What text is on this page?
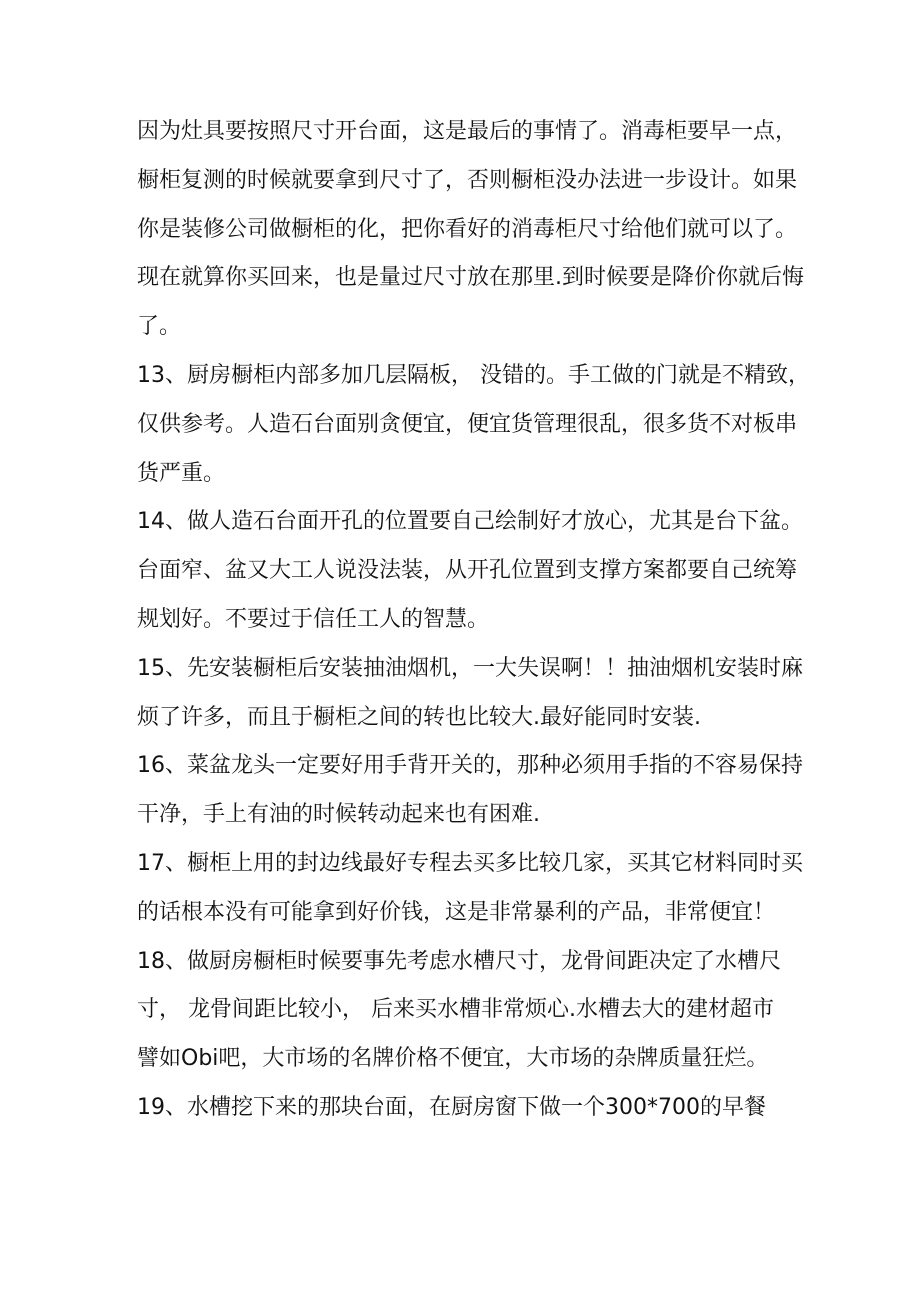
因为灶具要按照尺寸开台面，这是最后的事情了。消毒柜要早一点，
橱柜复测的时候就要拿到尺寸了，否则橱柜没办法进一步设计。如果
你是装修公司做橱柜的化，把你看好的消毒柜尺寸给他们就可以了。
现在就算你买回来，也是量过尺寸放在那里.到时候要是降价你就后悔
了。

13、厨房橱柜内部多加几层隔板， 没错的。手工做的门就是不精致，
仅供参考。人造石台面别贪便宜，便宜货管理很乱，很多货不对板串
货严重。

14、做人造石台面开孔的位置要自己绘制好才放心，尤其是台下盆。
台面窄、盆又大工人说没法装，从开孔位置到支撑方案都要自己统筹
规划好。不要过于信任工人的智慧。

15、先安装橱柜后安装抽油烟机，一大失误啊！！抽油烟机安装时麻
烦了许多，而且于橱柜之间的转也比较大.最好能同时安装.

16、菜盆龙头一定要好用手背开关的，那种必须用手指的不容易保持
干净，手上有油的时候转动起来也有困难.

17、橱柜上用的封边线最好专程去买多比较几家，买其它材料同时买
的话根本没有可能拿到好价钱，这是非常暴利的产品，非常便宜！

18、做厨房橱柜时候要事先考虑水槽尺寸，龙骨间距决定了水槽尺
寸， 龙骨间距比较小， 后来买水槽非常烦心.水槽去大的建材超市
譬如Obi吧，大市场的名牌价格不便宜，大市场的杂牌质量狂烂。

19、水槽挖下来的那块台面，在厨房窗下做一个300*700的早餐
